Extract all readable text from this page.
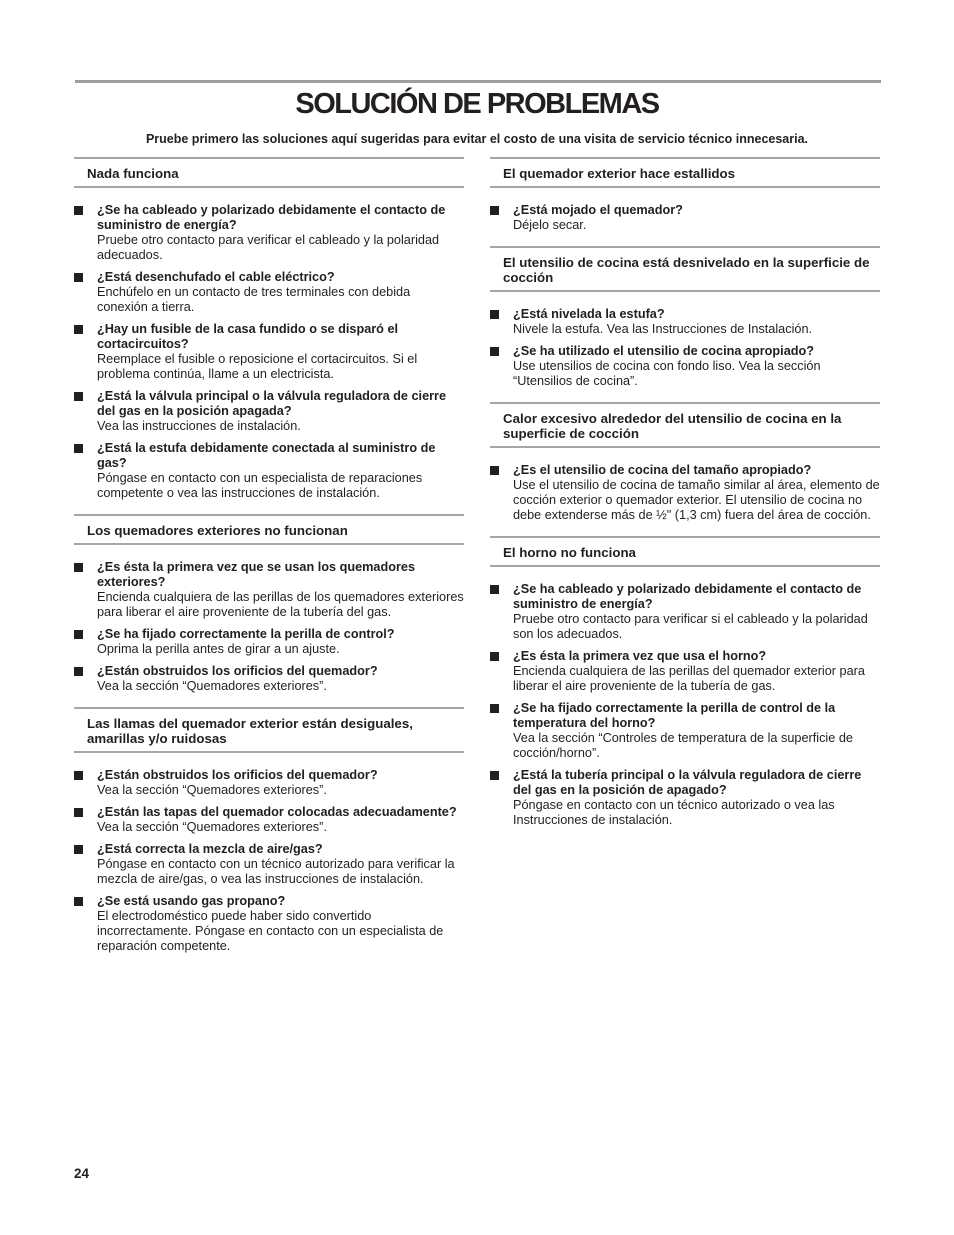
SOLUCIÓN DE PROBLEMAS

Pruebe primero las soluciones aquí sugeridas para evitar el costo de una visita de servicio técnico innecesaria.

Nada funciona
¿Se ha cableado y polarizado debidamente el contacto de suministro de energía?
Pruebe otro contacto para verificar el cableado y la polaridad adecuados.
¿Está desenchufado el cable eléctrico?
Enchúfelo en un contacto de tres terminales con debida conexión a tierra.
¿Hay un fusible de la casa fundido o se disparó el cortacircuitos?
Reemplace el fusible o reposicione el cortacircuitos. Si el problema continúa, llame a un electricista.
¿Está la válvula principal o la válvula reguladora de cierre del gas en la posición apagada?
Vea las instrucciones de instalación.
¿Está la estufa debidamente conectada al suministro de gas?
Póngase en contacto con un especialista de reparaciones competente o vea las instrucciones de instalación.
Los quemadores exteriores no funcionan
¿Es ésta la primera vez que se usan los quemadores exteriores?
Encienda cualquiera de las perillas de los quemadores exteriores para liberar el aire proveniente de la tubería del gas.
¿Se ha fijado correctamente la perilla de control?
Oprima la perilla antes de girar a un ajuste.
¿Están obstruidos los orificios del quemador?
Vea la sección “Quemadores exteriores”.
Las llamas del quemador exterior están desiguales, amarillas y/o ruidosas
¿Están obstruidos los orificios del quemador?
Vea la sección “Quemadores exteriores”.
¿Están las tapas del quemador colocadas adecuadamente?
Vea la sección “Quemadores exteriores”.
¿Está correcta la mezcla de aire/gas?
Póngase en contacto con un técnico autorizado para verificar la mezcla de aire/gas, o vea las instrucciones de instalación.
¿Se está usando gas propano?
El electrodoméstico puede haber sido convertido incorrectamente. Póngase en contacto con un especialista de reparación competente.
El quemador exterior hace estallidos
¿Está mojado el quemador?
Déjelo secar.
El utensilio de cocina está desnivelado en la superficie de cocción
¿Está nivelada la estufa?
Nivele la estufa. Vea las Instrucciones de Instalación.
¿Se ha utilizado el utensilio de cocina apropiado?
Use utensilios de cocina con fondo liso. Vea la sección “Utensilios de cocina”.
Calor excesivo alrededor del utensilio de cocina en la superficie de cocción
¿Es el utensilio de cocina del tamaño apropiado?
Use el utensilio de cocina de tamaño similar al área, elemento de cocción exterior o quemador exterior. El utensilio de cocina no debe extenderse más de ½" (1,3 cm) fuera del área de cocción.
El horno no funciona
¿Se ha cableado y polarizado debidamente el contacto de suministro de energía?
Pruebe otro contacto para verificar si el cableado y la polaridad son los adecuados.
¿Es ésta la primera vez que usa el horno?
Encienda cualquiera de las perillas del quemador exterior para liberar el aire proveniente de la tubería de gas.
¿Se ha fijado correctamente la perilla de control de la temperatura del horno?
Vea la sección “Controles de temperatura de la superficie de cocción/horno”.
¿Está la tubería principal o la válvula reguladora de cierre del gas en la posición de apagado?
Póngase en contacto con un técnico autorizado o vea las Instrucciones de instalación.
24
